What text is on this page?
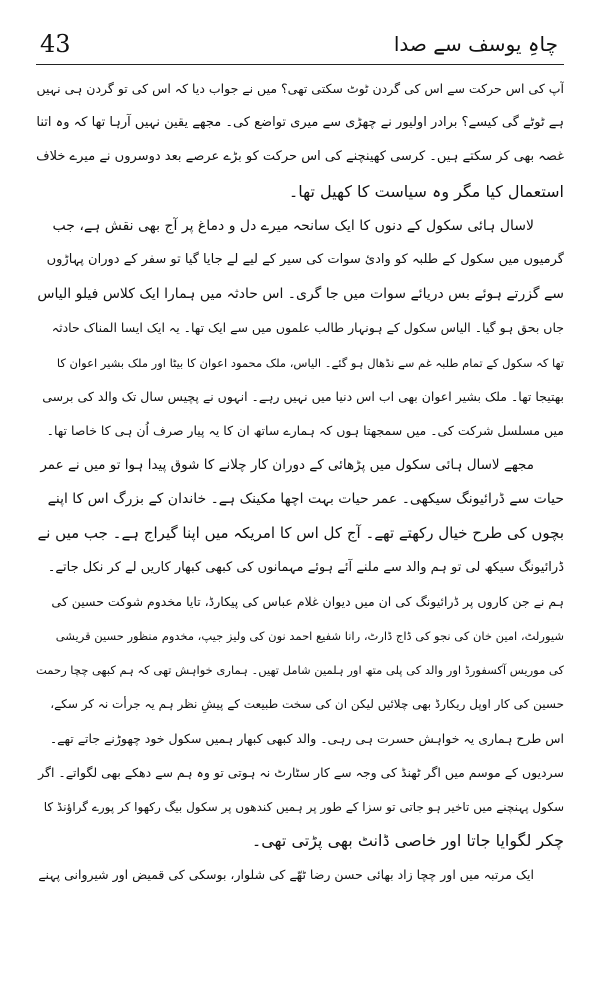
43	چاہِ یوسف سے صدا
آپ کی اس حرکت سے اس کی گردن ٹوٹ سکتی تھی؟ میں نے جواب دیا کہ اس کی تو گردن ہی نہیں
ہے ٹوٹے گی کیسے؟ برادر اولیور نے چھڑی سے میری تواضع کی۔ مجھے یقین نہیں آرہا تھا کہ وہ اتنا
غصہ بھی کر سکتے ہیں۔ کرسی کھینچنے کی اس حرکت کو بڑے عرصے بعد دوسروں نے میرے خلاف
استعمال کیا مگر وہ سیاست کا کھیل تھا۔
لاسال ہائی سکول کے دنوں کا ایک سانحہ میرے دل و دماغ پر آج بھی نقش ہے، جب
گرمیوں میں سکول کے طلبہ کو وادیٔ سوات کی سیر کے لیے لے جایا گیا تو سفر کے دوران پہاڑوں
سے گزرتے ہوئے بس دریائے سوات میں جا گری۔ اس حادثہ میں ہمارا ایک کلاس فیلو الیاس
جاں بحق ہو گیا۔ الیاس سکول کے ہونہار طالب علموں میں سے ایک تھا۔ یہ ایک ایسا المناک حادثہ
تھا کہ سکول کے تمام طلبہ غم سے نڈھال ہو گئے۔ الیاس، ملک محمود اعوان کا بیٹا اور ملک بشیر اعوان کا
بھتیجا تھا۔ ملک بشیر اعوان بھی اب اس دنیا میں نہیں رہے۔ انہوں نے پچیس سال تک والد کی برسی
میں مسلسل شرکت کی۔ میں سمجھتا ہوں کہ ہمارے ساتھ ان کا یہ پیار صرف اُن ہی کا خاصا تھا۔
مجھے لاسال ہائی سکول میں پڑھائی کے دوران کار چلانے کا شوق پیدا ہوا تو میں نے عمر
حیات سے ڈرائیونگ سیکھی۔ عمر حیات بہت اچھا مکینک ہے۔ خاندان کے بزرگ اس کا اپنے
بچوں کی طرح خیال رکھتے تھے۔ آج کل اس کا امریکہ میں اپنا گیراج ہے۔ جب میں نے
ڈرائیونگ سیکھ لی تو ہم والد سے ملنے آئے ہوئے مہمانوں کی کبھی کبھار کاریں لے کر نکل جاتے۔
ہم نے جن کاروں پر ڈرائیونگ کی ان میں دیوان غلام عباس کی پیکارڈ، تایا مخدوم شوکت حسین کی
شیورلٹ، امین خان کی نجو کی ڈاج ڈارٹ، رانا شفیع احمد نون کی ولیز جیپ، مخدوم منظور حسین قریشی
کی موریس آکسفورڈ اور والد کی پلی متھ اور ہلمین شامل تھیں۔ ہماری خواہش تھی کہ ہم کبھی چچا رحمت
حسین کی کار اوپل ریکارڈ بھی چلائیں لیکن ان کی سخت طبیعت کے پیشِ نظر ہم یہ جرأت نہ کر سکے،
اس طرح ہماری یہ خواہش حسرت ہی رہی۔ والد کبھی کبھار ہمیں سکول خود چھوڑنے جاتے تھے۔
سردیوں کے موسم میں اگر ٹھنڈ کی وجہ سے کار سٹارٹ نہ ہوتی تو وہ ہم سے دھکے بھی لگواتے۔ اگر
سکول پہنچنے میں تاخیر ہو جاتی تو سزا کے طور پر ہمیں کندھوں پر سکول بیگ رکھوا کر پورے گراؤنڈ کا
چکر لگوایا جاتا اور خاصی ڈانٹ بھی پڑتی تھی۔
ایک مرتبہ میں اور چچا زاد بھائی حسن رضا ٹھّے کی شلوار، بوسکی کی قمیض اور شیروانی پہنے
